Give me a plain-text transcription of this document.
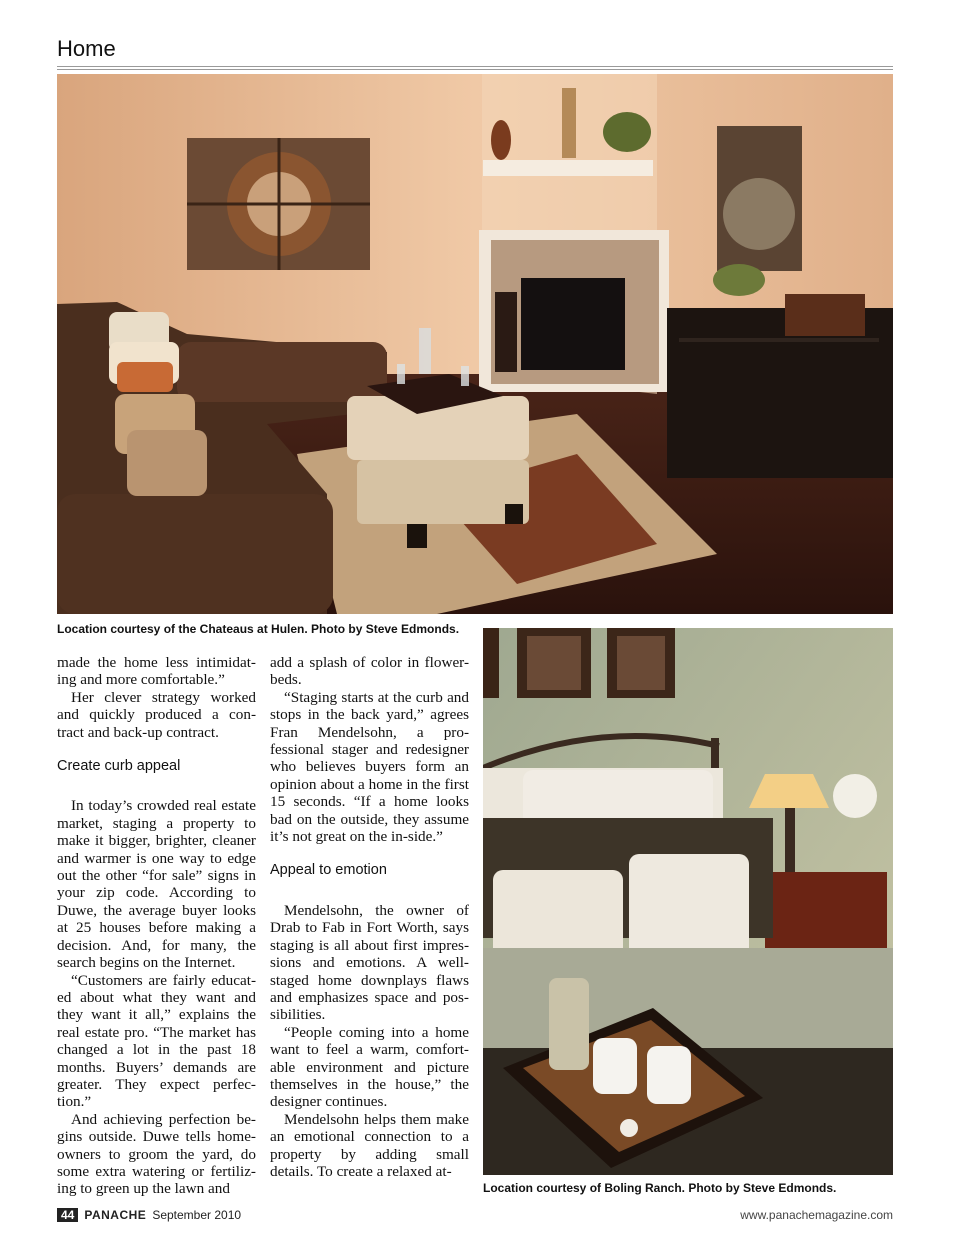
Home
Location courtesy of the Chateaus at Hulen. Photo by Steve Edmonds.
Location courtesy of Boling Ranch. Photo by Steve Edmonds.

made the home less intimidat-ing and more comfortable.”

Her clever strategy worked and quickly produced a con-tract and back-up contract.

Create curb appeal

In today’s crowded real estate market, staging a property to make it bigger, brighter, cleaner and warmer is one way to edge out the other “for sale” signs in your zip code. According to Duwe, the average buyer looks at 25 houses before making a decision. And, for many, the search begins on the Internet.

“Customers are fairly educat-ed about what they want and they want it all,” explains the real estate pro. “The market has changed a lot in the past 18 months. Buyers’ demands are greater. They expect perfec-tion.”

And achieving perfection be-gins outside. Duwe tells home-owners to groom the yard, do some extra watering or fertiliz-ing to green up the lawn and

add a splash of color in flower-beds.

“Staging starts at the curb and stops in the back yard,” agrees Fran Mendelsohn, a pro-fessional stager and redesigner who believes buyers form an opinion about a home in the first 15 seconds. “If a home looks bad on the outside, they assume it’s not great on the in-side.”

Appeal to emotion

Mendelsohn, the owner of Drab to Fab in Fort Worth, says staging is all about first impres-sions and emotions. A well-staged home downplays flaws and emphasizes space and pos-sibilities.

“People coming into a home want to feel a warm, comfort-able environment and picture themselves in the house,” the designer continues.

Mendelsohn helps them make an emotional connection to a property by adding small details. To create a relaxed at-

44 PANACHE September 2010	www.panachemagazine.com
